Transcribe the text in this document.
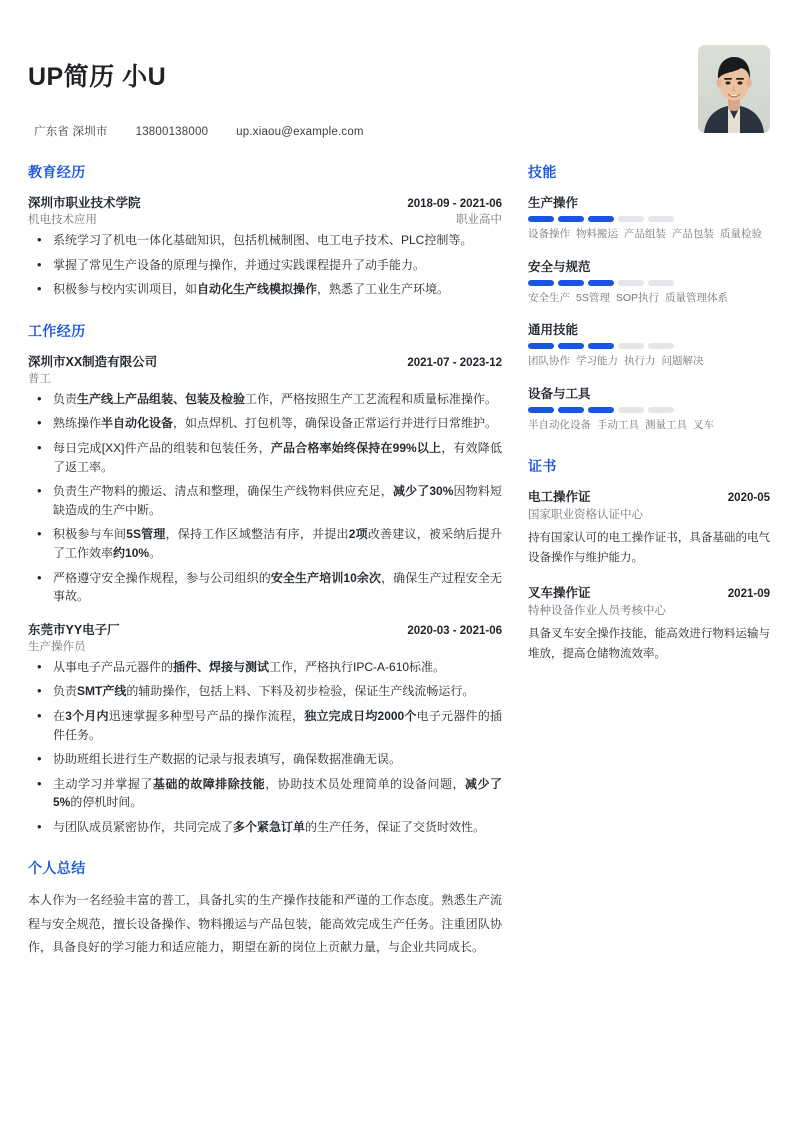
UP简历 小U
广东省 深圳市 13800138000 up.xiaou@example.com
教育经历
深圳市职业技术学院	2018-09 - 2021-06
机电技术应用	职业高中
• 系统学习了机电一体化基础知识，包括机械制图、电工电子技术、PLC控制等。
• 掌握了常见生产设备的原理与操作，并通过实践课程提升了动手能力。
• 积极参与校内实训项目，如自动化生产线模拟操作，熟悉了工业生产环境。
工作经历
深圳市XX制造有限公司	2021-07 - 2023-12
普工
• 负责生产线上产品组装、包装及检验工作，严格按照生产工艺流程和质量标准操作。
• 熟练操作半自动化设备，如点焊机、打包机等，确保设备正常运行并进行日常维护。
• 每日完成[XX]件产品的组装和包装任务，产品合格率始终保持在99%以上，有效降低了返工率。
• 负责生产物料的搬运、清点和整理，确保生产线物料供应充足，减少了30%因物料短缺造成的生产中断。
• 积极参与车间5S管理，保持工作区域整洁有序，并提出2项改善建议，被采纳后提升了工作效率约10%。
• 严格遵守安全操作规程，参与公司组织的安全生产培训10余次，确保生产过程安全无事故。
东莞市YY电子厂	2020-03 - 2021-06
生产操作员
• 从事电子产品元器件的插件、焊接与测试工作，严格执行IPC-A-610标准。
• 负责SMT产线的辅助操作，包括上料、下料及初步检验，保证生产线流畅运行。
• 在3个月内迅速掌握多种型号产品的操作流程，独立完成日均2000个电子元器件的插件任务。
• 协助班组长进行生产数据的记录与报表填写，确保数据准确无误。
• 主动学习并掌握了基础的故障排除技能，协助技术员处理简单的设备问题，减少了5%的停机时间。
• 与团队成员紧密协作，共同完成了多个紧急订单的生产任务，保证了交货时效性。
个人总结
本人作为一名经验丰富的普工，具备扎实的生产操作技能和严谨的工作态度。熟悉生产流程与安全规范，擅长设备操作、物料搬运与产品包装，能高效完成生产任务。注重团队协作，具备良好的学习能力和适应能力，期望在新的岗位上贡献力量，与企业共同成长。
技能
生产操作
设备操作 物料搬运 产品组装 产品包装 质量检验
安全与规范
安全生产 5S管理 SOP执行 质量管理体系
通用技能
团队协作 学习能力 执行力 问题解决
设备与工具
半自动化设备 手动工具 测量工具 叉车
证书
电工操作证	2020-05
国家职业资格认证中心
持有国家认可的电工操作证书，具备基础的电气设备操作与维护能力。
叉车操作证	2021-09
特种设备作业人员考核中心
具备叉车安全操作技能，能高效进行物料运输与堆放，提高仓储物流效率。
